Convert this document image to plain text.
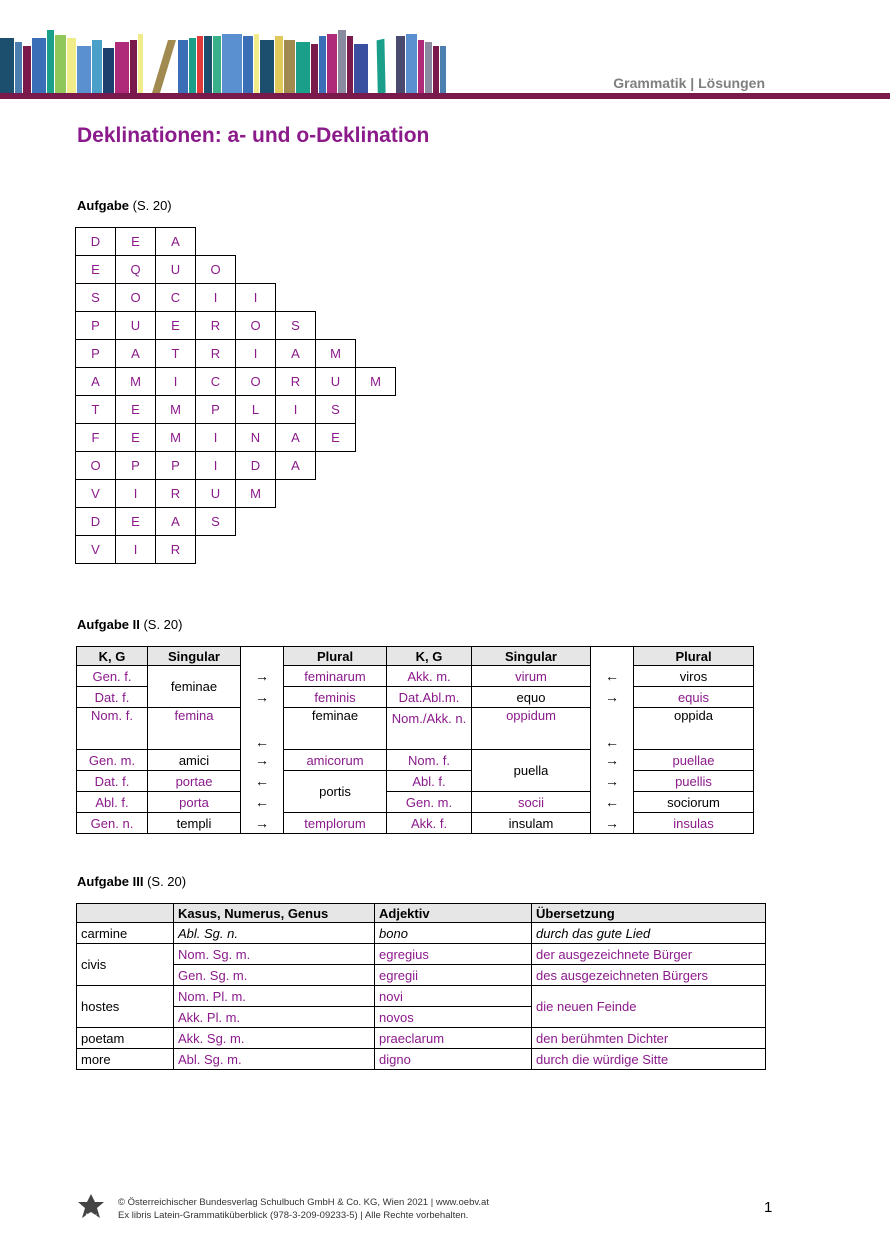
Grammatik | Lösungen
Deklinationen: a- und o-Deklination
Aufgabe (S. 20)
D	E	A
E	Q	U	O
S	O	C	I	I
P	U	E	R	O	S
P	A	T	R	I	A	M
A	M	I	C	O	R	U	M
T	E	M	P	L	I	S
F	E	M	I	N	A	E
O	P	P	I	D	A
V	I	R	U	M
D	E	A	S
V	I	R
Aufgabe II (S. 20)
K, G	Singular		Plural	K, G	Singular		Plural
Gen. f.	feminae	→	feminarum	Akk. m.	virum	←	viros
Dat. f.		→	feminis	Dat.Abl.m.	equo	→	equis
Nom. f.	femina	←	feminae	Nom./Akk. n.	oppidum	←	oppida
Gen. m.	amici	→	amicorum	Nom. f.	puella	→	puellae
Dat. f.	portae	←	portis	Abl. f.		→	puellis
Abl. f.	porta	←		Gen. m.	socii	←	sociorum
Gen. n.	templi	→	templorum	Akk. f.	insulam	→	insulas
Aufgabe III (S. 20)
	Kasus, Numerus, Genus	Adjektiv	Übersetzung
carmine	Abl. Sg. n.	bono	durch das gute Lied
civis	Nom. Sg. m.	egregius	der ausgezeichnete Bürger
	Gen. Sg. m.	egregii	des ausgezeichneten Bürgers
hostes	Nom. Pl. m.	novi	die neuen Feinde
	Akk. Pl. m.	novos	
poetam	Akk. Sg. m.	praeclarum	den berühmten Dichter
more	Abl. Sg. m.	digno	durch die würdige Sitte
öbv
© Österreichischer Bundesverlag Schulbuch GmbH & Co. KG, Wien 2021 | www.oebv.at
Ex libris Latein-Grammatiküberblick (978-3-209-09233-5) | Alle Rechte vorbehalten.	1
